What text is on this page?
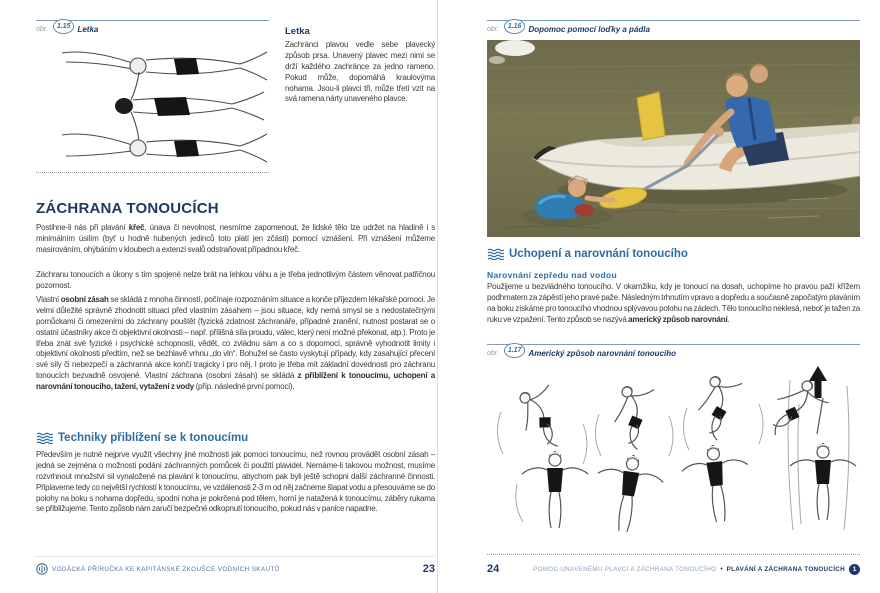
obr.	1.15 Letka	Letka
Zachránci plavou vedle sebe plavecký způsob prsa. Unavený plavec mezi nimi se drží každého zachránce za jedno rameno. Pokud může, dopomáhá kraulovýma nohama. Jsou-li plavci tři, může třetí vzít na svá ramena nárty unaveného plavce.
ZÁCHRANA TONOUCÍCH
Postihne-li nás při plavání křeč, únava či nevolnost, nesmíme zapomenout, že lidské tělo lze udržet na hladině i s minimálním úsilím (byť u hodně hubených jedinců toto platí jen zčásti) pomocí vznášení. Při vznášení můžeme masírováním, ohýbáním v kloubech a extenzí svalů odstraňovat případnou křeč.
Záchranu tonoucích a úkony s tím spojené nelze brát na lehkou váhu a je třeba jednotlivým částem věnovat patřičnou pozornost.
Vlastní osobní zásah se skládá z mnoha činností, počínaje rozpoznáním situace a konče příjezdem lékařské pomoci. Je velmi důležité správně zhodnotit situaci před vlastním zásahem – jsou situace, kdy nemá smysl se s nedostatečnými pomůckami či omezeními do záchrany pouštět (fyzická zdatnost záchranáře, případné zranění, nutnost postarat se o ostatní účastníky akce či objektivní okolnosti – např. přílišná síla proudu, válec, který není možné překonat, atp.). Proto je třeba znát své fyzické i psychické schopnosti, vědět, co zvládnu sám a co s dopomocí, správně vyhodnotit limity i objektivní okolnosti předtím, než se bezhlavě vrhnu „do vln“. Bohužel se často vyskytují případy, kdy zasahující přecení své síly či nebezpečí a záchranná akce končí tragicky i pro něj. I proto je třeba mít základní dovednosti pro záchranu tonoucích bezvadně osvojené. Vlastní záchrana (osobní zásah) se skládá z přiblížení k tonoucímu, uchopení a narovnání tonoucího, tažení, vytažení z vody (příp. následné první pomoci).
Techniky přiblížení se k tonoucímu
Především je nutné nejprve využít všechny jiné možnosti jak pomoci tonoucímu, než rovnou provádět osobní zásah – jedná se zejména o možnosti podání záchranných pomůcek či použití plavidel. Nemáme-li takovou možnost, musíme rozvrhnout množství sil vynaložené na plavání k tonoucímu, abychom pak byli ještě schopni další záchranné činnosti. Připlaveme tedy co největší rychlostí k tonoucímu, ve vzdálenosti 2-3 m od něj začneme šlapat vodu a přesouváme se do polohy na boku s nohama dopředu, spodní noha je pokrčená pod tělem, horní je natažená k tonoucímu, záběry rukama se přibližujeme. Tento způsob nám zaručí bezpečné odkopnutí tonoucího, pokud nás v panice napadne.
VODÁCKÁ PŘÍRUČKA KE KAPITÁNSKÉ ZKOUŠCE VODNÍCH SKAUTŮ	23
obr.	1.16 Dopomoc pomocí loďky a pádla
Uchopení a narovnání tonoucího
Narovnání zepředu nad vodou
Použijeme u bezvládného tonoucího. V okamžiku, kdy je tonoucí na dosah, uchopíme ho pravou paží křížem podhmatem za zápěstí jeho pravé paže. Následným trhnutím vpravo a dopředu a současně započatým plaváním na boku získáme pro tonoucího vhodnou splývavou polohu na zádech. Tělo tonoucího neklesá, neboť je tažen za ruku ve vzpažení. Tento způsob se nazývá americký způsob narovnání.
obr.	1.17 Americký způsob narovnání tonoucího
24	POMOC UNAVENÉMU PLAVCI A ZÁCHRANA TONOUCÍHO • PLAVÁNÍ A ZÁCHRANA TONOUCÍCH	1
